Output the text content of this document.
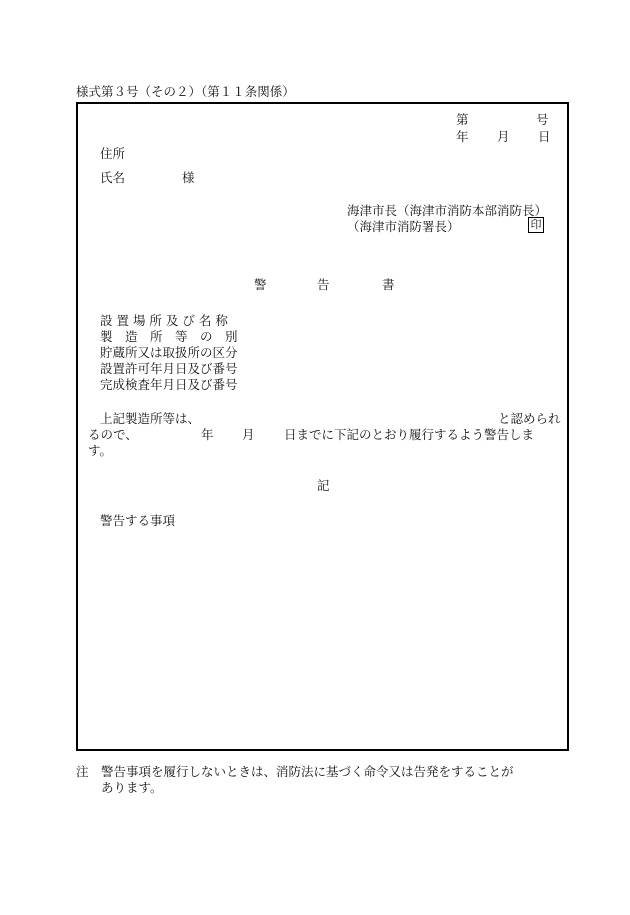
様式第３号（その２）（第１１条関係）
第	号
年 月 日
住所
氏名	様
海津市長（海津市消防本部消防長）
（海津市消防署長）	印
警	告	書
設 置 場 所 及 び 名 称
製　造　所　等　の　別
貯蔵所又は取扱所の区分
設置許可年月日及び番号
完成検査年月日及び番号
上記製造所等は、	と認められ
るので、	年 月 日までに下記のとおり履行するよう警告しま
す。
記
警告する事項
注　警告事項を履行しないときは、消防法に基づく命令又は告発をすることが
あります。
